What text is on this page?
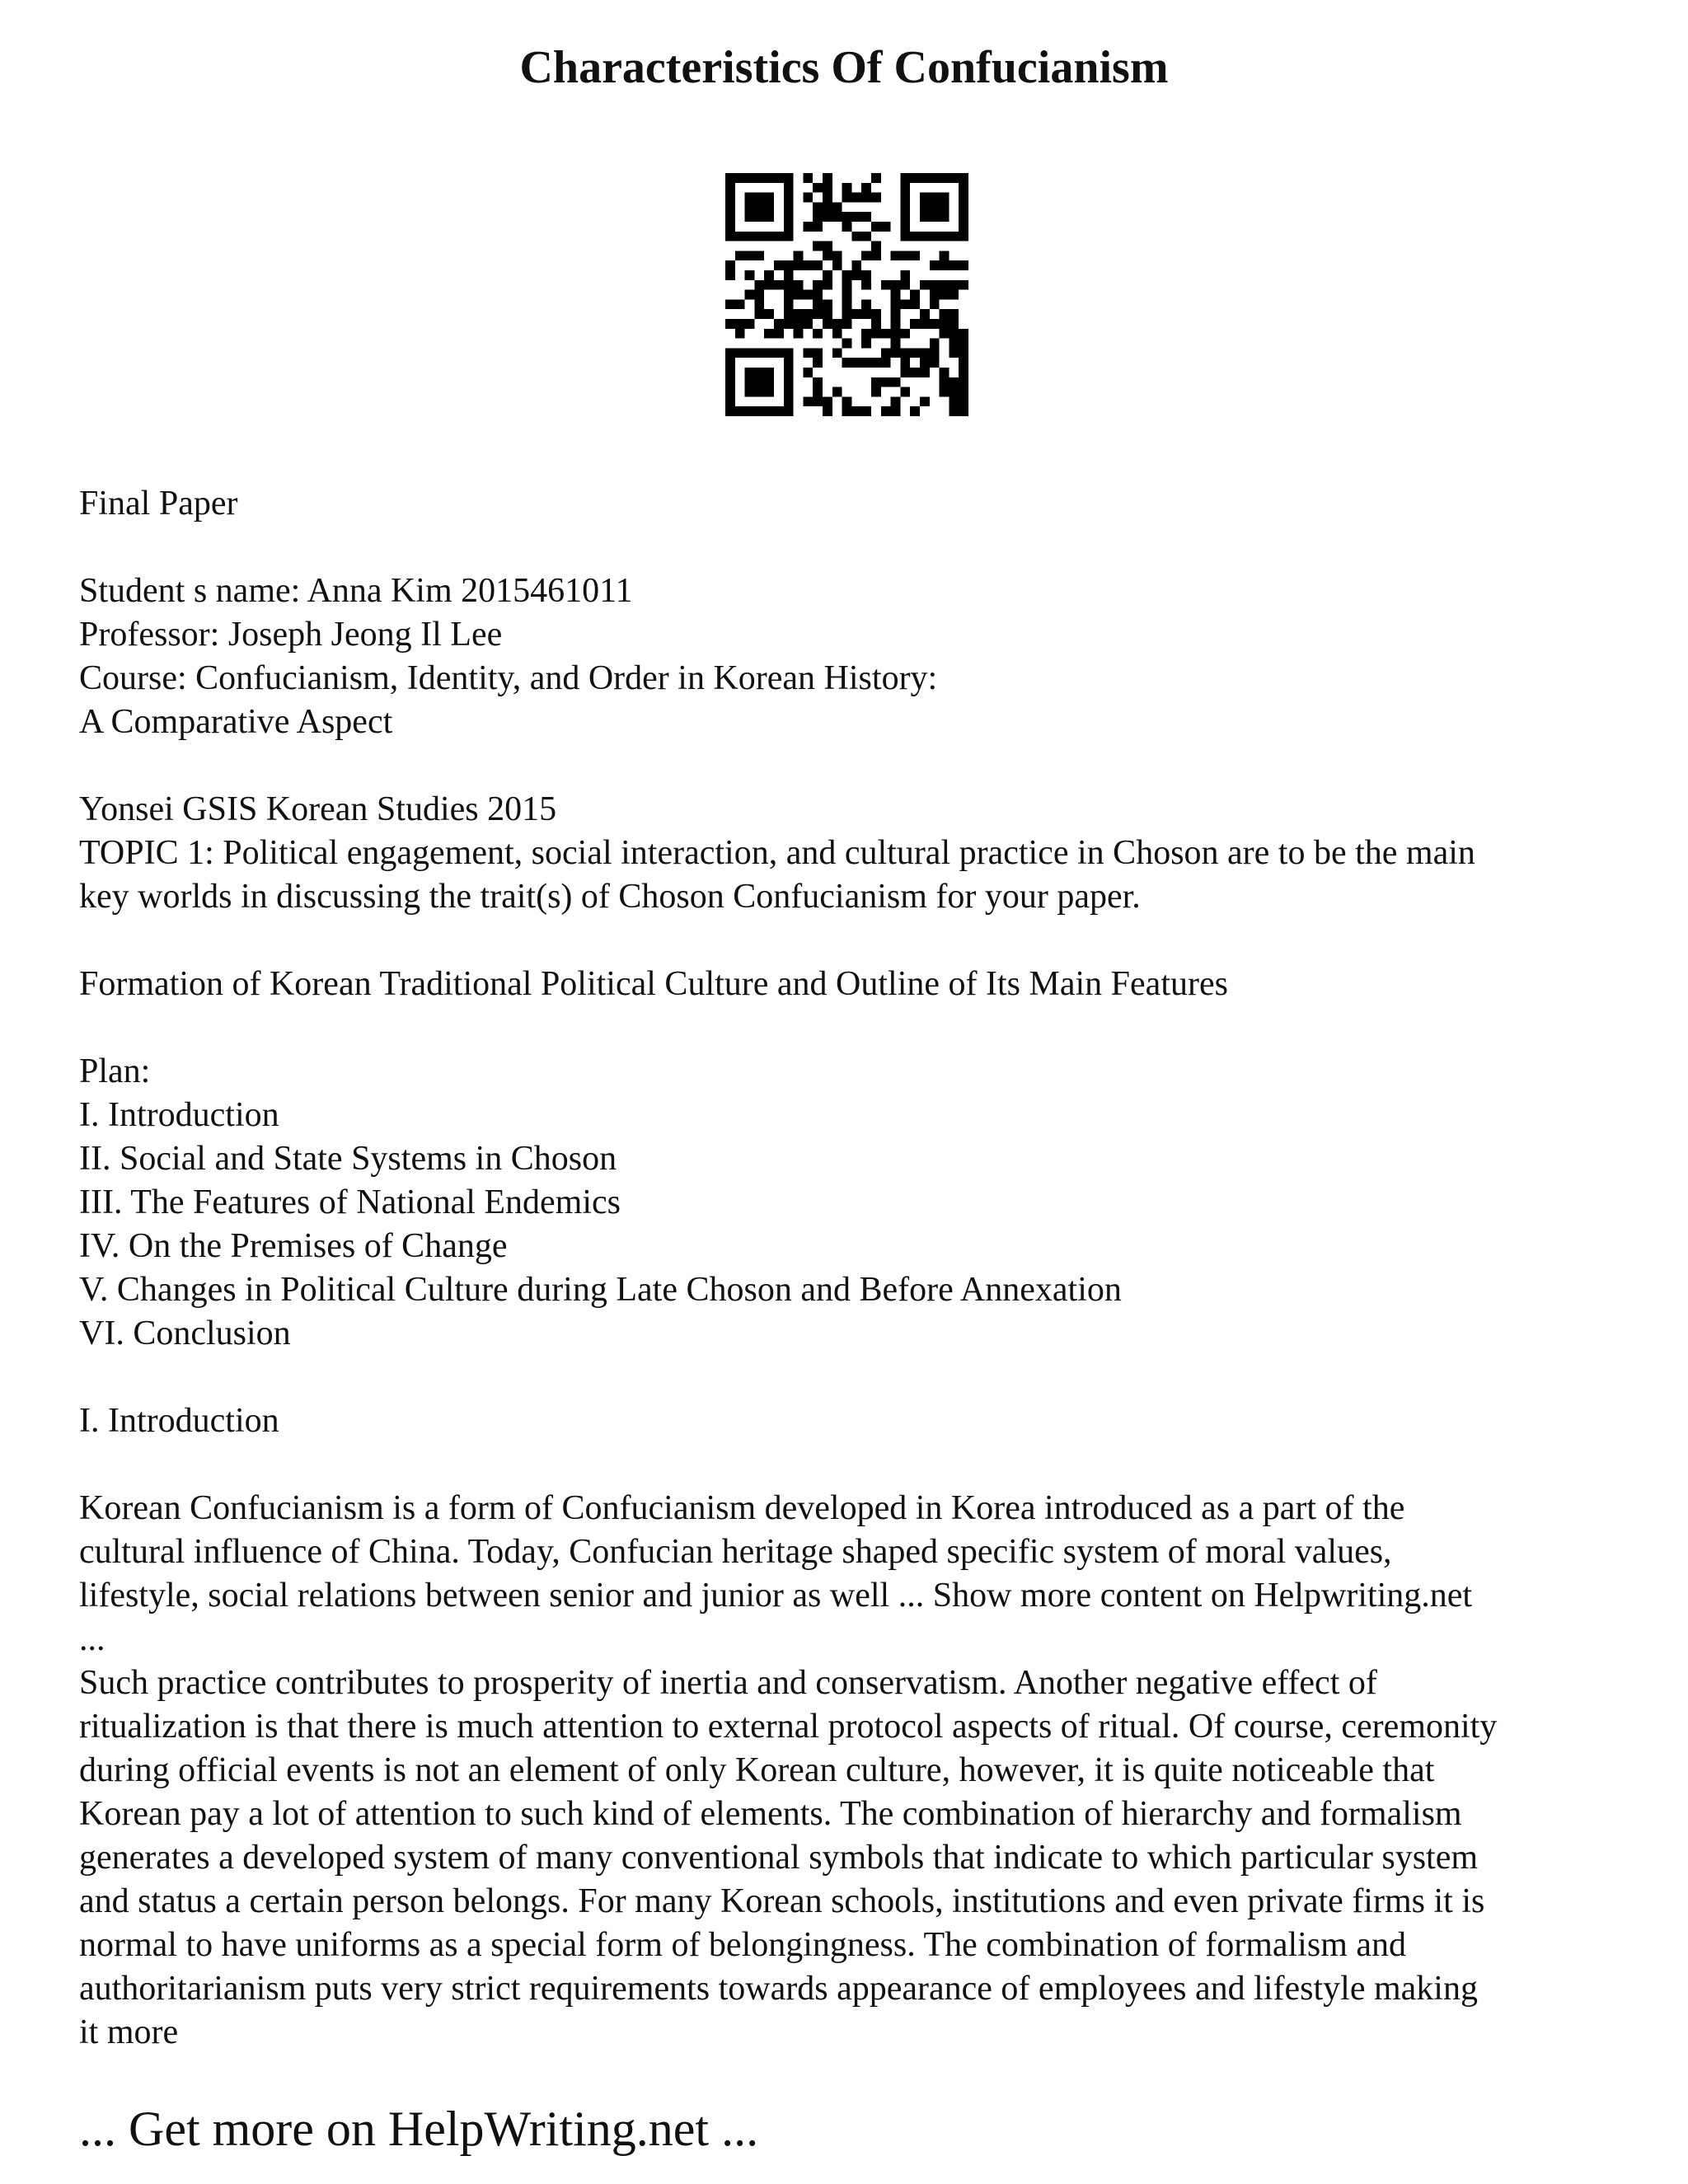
Characteristics Of Confucianism

Final Paper

Student s name: Anna Kim 2015461011

Professor: Joseph Jeong Il Lee

Course: Confucianism, Identity, and Order in Korean History:

A Comparative Aspect

Yonsei GSIS Korean Studies 2015

TOPIC 1: Political engagement, social interaction, and cultural practice in Choson are to be the main

key worlds in discussing the trait(s) of Choson Confucianism for your paper.

Formation of Korean Traditional Political Culture and Outline of Its Main Features

Plan:

I. Introduction

II. Social and State Systems in Choson

III. The Features of National Endemics

IV. On the Premises of Change

V. Changes in Political Culture during Late Choson and Before Annexation

VI. Conclusion

I. Introduction

Korean Confucianism is a form of Confucianism developed in Korea introduced as a part of the

cultural influence of China. Today, Confucian heritage shaped specific system of moral values,

lifestyle, social relations between senior and junior as well ... Show more content on Helpwriting.net

...

Such practice contributes to prosperity of inertia and conservatism. Another negative effect of

ritualization is that there is much attention to external protocol aspects of ritual. Of course, ceremonity

during official events is not an element of only Korean culture, however, it is quite noticeable that

Korean pay a lot of attention to such kind of elements. The combination of hierarchy and formalism

generates a developed system of many conventional symbols that indicate to which particular system

and status a certain person belongs. For many Korean schools, institutions and even private firms it is

normal to have uniforms as a special form of belongingness. The combination of formalism and

authoritarianism puts very strict requirements towards appearance of employees and lifestyle making

it more

... Get more on HelpWriting.net ...
